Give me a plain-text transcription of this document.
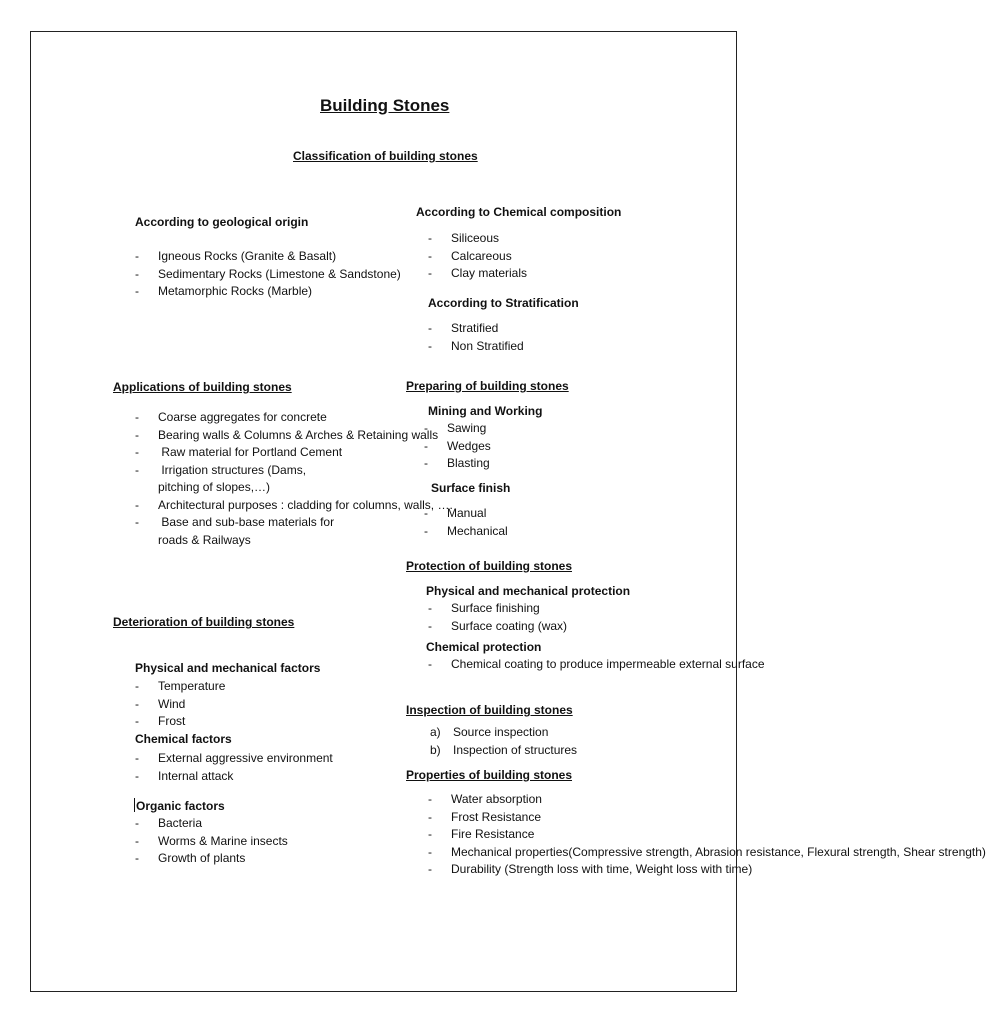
Building Stones
Classification of building stones
According to geological origin
- Igneous Rocks (Granite & Basalt)
- Sedimentary Rocks (Limestone & Sandstone)
- Metamorphic Rocks (Marble)
According to Chemical composition
- Siliceous
- Calcareous
- Clay materials
According to Stratification
- Stratified
- Non Stratified
Applications of building stones
- Coarse aggregates for concrete
- Bearing walls & Columns & Arches & Retaining walls
-  Raw material for Portland Cement
-  Irrigation structures (Dams, pitching of slopes,…)
- Architectural purposes : cladding for columns, walls, ….
-  Base and sub-base materials for roads & Railways
Preparing of building stones
Mining and Working
- Sawing
- Wedges
- Blasting
Surface finish
- Manual
- Mechanical
Deterioration of building stones
Physical and mechanical factors
- Temperature
- Wind
- Frost
Chemical factors
- External aggressive environment
- Internal attack
Organic factors
- Bacteria
- Worms & Marine insects
- Growth of plants
Protection of building stones
Physical and mechanical protection
- Surface finishing
- Surface coating (wax)
Chemical protection
- Chemical coating to produce impermeable external surface
Inspection of building stones
a) Source inspection
b) Inspection of structures
Properties of building stones
- Water absorption
- Frost Resistance
- Fire Resistance
- Mechanical properties(Compressive strength, Abrasion resistance, Flexural strength, Shear strength)
- Durability (Strength loss with time, Weight loss with time)
